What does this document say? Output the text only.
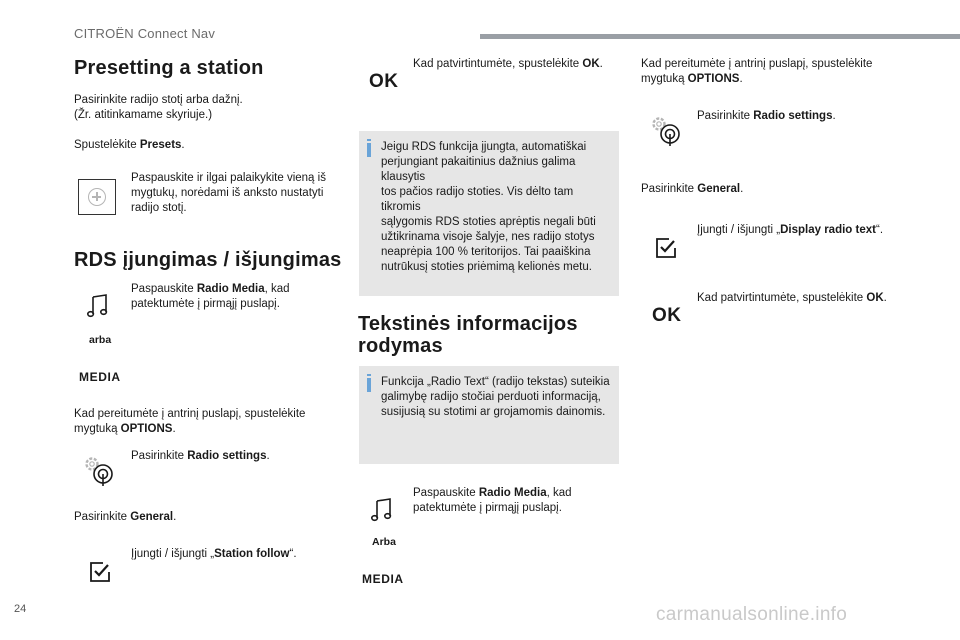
CITROËN Connect Nav
Presetting a station
Pasirinkite radijo stotį arba dažnį.
(Žr. atitinkamame skyriuje.)
Spustelėkite Presets.
Paspauskite ir ilgai palaikykite vieną iš
mygtukų, norėdami iš anksto nustatyti
radijo stotį.
RDS įjungimas / išjungimas
Paspauskite Radio Media, kad
patektumėte į pirmąjį puslapį.
arba
MEDIA
Kad pereitumėte į antrinį puslapį, spustelėkite
mygtuką OPTIONS.
Pasirinkite Radio settings.
Pasirinkite General.
Įjungti / išjungti „Station follow“.
OK
Kad patvirtintumėte, spustelėkite OK.
Jeigu RDS funkcija įjungta, automatiškai
perjungiant pakaitinius dažnius galima klausytis
tos pačios radijo stoties. Vis dėlto tam tikromis
sąlygomis RDS stoties aprėptis negali būti
užtikrinama visoje šalyje, nes radijo stotys
neaprėpia 100 % teritorijos. Tai paaiškina
nutrūkusį stoties priėmimą kelionės metu.
Tekstinės informacijos
rodymas
Funkcija „Radio Text“ (radijo tekstas) suteikia
galimybę radijo stočiai perduoti informaciją,
susijusią su stotimi ar grojamomis dainomis.
Paspauskite Radio Media, kad
patektumėte į pirmąjį puslapį.
Arba
MEDIA
Kad pereitumėte į antrinį puslapį, spustelėkite
mygtuką OPTIONS.
Pasirinkite Radio settings.
Pasirinkite General.
Įjungti / išjungti „Display radio text“.
OK
Kad patvirtintumėte, spustelėkite OK.
24	carmanualsonline.info
